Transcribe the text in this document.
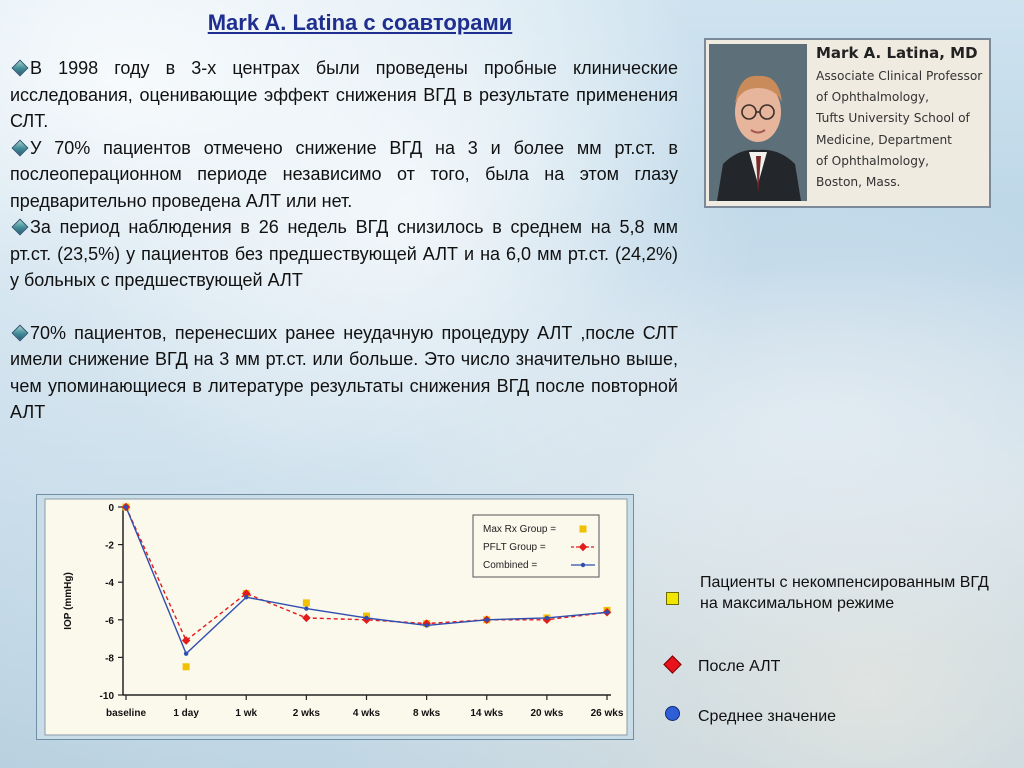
Mark A. Latina с соавторами

В 1998 году в 3-х центрах были проведены пробные клинические исследования, оценивающие эффект снижения ВГД в результате применения СЛТ.

У 70% пациентов отмечено снижение ВГД на 3 и более мм рт.ст. в послеоперационном периоде независимо от того, была на этом глазу предварительно проведена АЛТ или нет.

За период наблюдения в 26 недель ВГД снизилось в среднем на 5,8 мм рт.ст. (23,5%) у пациентов без предшествующей АЛТ и на 6,0 мм рт.ст. (24,2%) у больных с предшествующей АЛТ

70% пациентов, перенесших ранее неудачную процедуру АЛТ ,после СЛТ имели снижение ВГД на 3 мм рт.ст. или больше. Это число значительно выше, чем упоминающиеся в литературе результаты снижения ВГД после повторной АЛТ

Mark A. Latina, MD
Associate Clinical Professor
of Ophthalmology,
Tufts University School of
Medicine, Department
of Ophthalmology,
Boston, Mass.
0
-2
-4
-6
-8
-10
baseline	1 day	1 wk	2 wks	4 wks	8 wks	14 wks	20 wks	26 wks
IOP (mmHg)
Max Rx Group =
PFLT Group =
Combined =
Пациенты с некомпенсированным ВГД на максимальном режиме
После АЛТ
Среднее значение
